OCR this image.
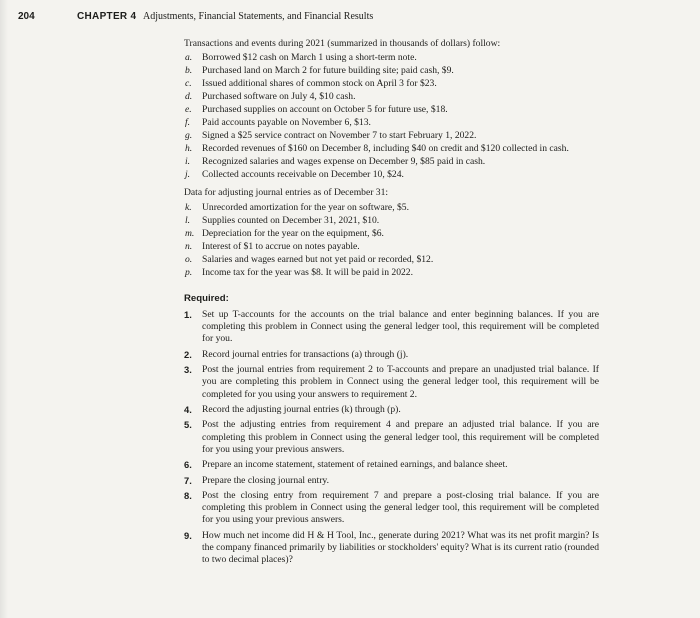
204	CHAPTER 4 Adjustments, Financial Statements, and Financial Results

Transactions and events during 2021 (summarized in thousands of dollars) follow:

a.	Borrowed $12 cash on March 1 using a short-term note.
b.	Purchased land on March 2 for future building site; paid cash, $9.
c.	Issued additional shares of common stock on April 3 for $23.
d.	Purchased software on July 4, $10 cash.
e.	Purchased supplies on account on October 5 for future use, $18.
f.	Paid accounts payable on November 6, $13.
g.	Signed a $25 service contract on November 7 to start February 1, 2022.
h.	Recorded revenues of $160 on December 8, including $40 on credit and $120 collected in cash.
i.	Recognized salaries and wages expense on December 9, $85 paid in cash.
j.	Collected accounts receivable on December 10, $24.

Data for adjusting journal entries as of December 31:

k.	Unrecorded amortization for the year on software, $5.
l.	Supplies counted on December 31, 2021, $10.
m. Depreciation for the year on the equipment, $6.
n.	Interest of $1 to accrue on notes payable.
o.	Salaries and wages earned but not yet paid or recorded, $12.
p.	Income tax for the year was $8. It will be paid in 2022.
Required:
1. Set up T-accounts for the accounts on the trial balance and enter beginning balances. If you are completing this problem in Connect using the general ledger tool, this requirement will be completed for you.
2. Record journal entries for transactions (a) through (j).
3. Post the journal entries from requirement 2 to T-accounts and prepare an unadjusted trial balance. If you are completing this problem in Connect using the general ledger tool, this requirement will be completed for you using your answers to requirement 2.
4. Record the adjusting journal entries (k) through (p).
5. Post the adjusting entries from requirement 4 and prepare an adjusted trial balance. If you are completing this problem in Connect using the general ledger tool, this requirement will be completed for you using your previous answers.
6. Prepare an income statement, statement of retained earnings, and balance sheet.
7. Prepare the closing journal entry.
8. Post the closing entry from requirement 7 and prepare a post-closing trial balance. If you are completing this problem in Connect using the general ledger tool, this requirement will be completed for you using your previous answers.
9. How much net income did H & H Tool, Inc., generate during 2021? What was its net profit margin? Is the company financed primarily by liabilities or stockholders' equity? What is its current ratio (rounded to two decimal places)?
